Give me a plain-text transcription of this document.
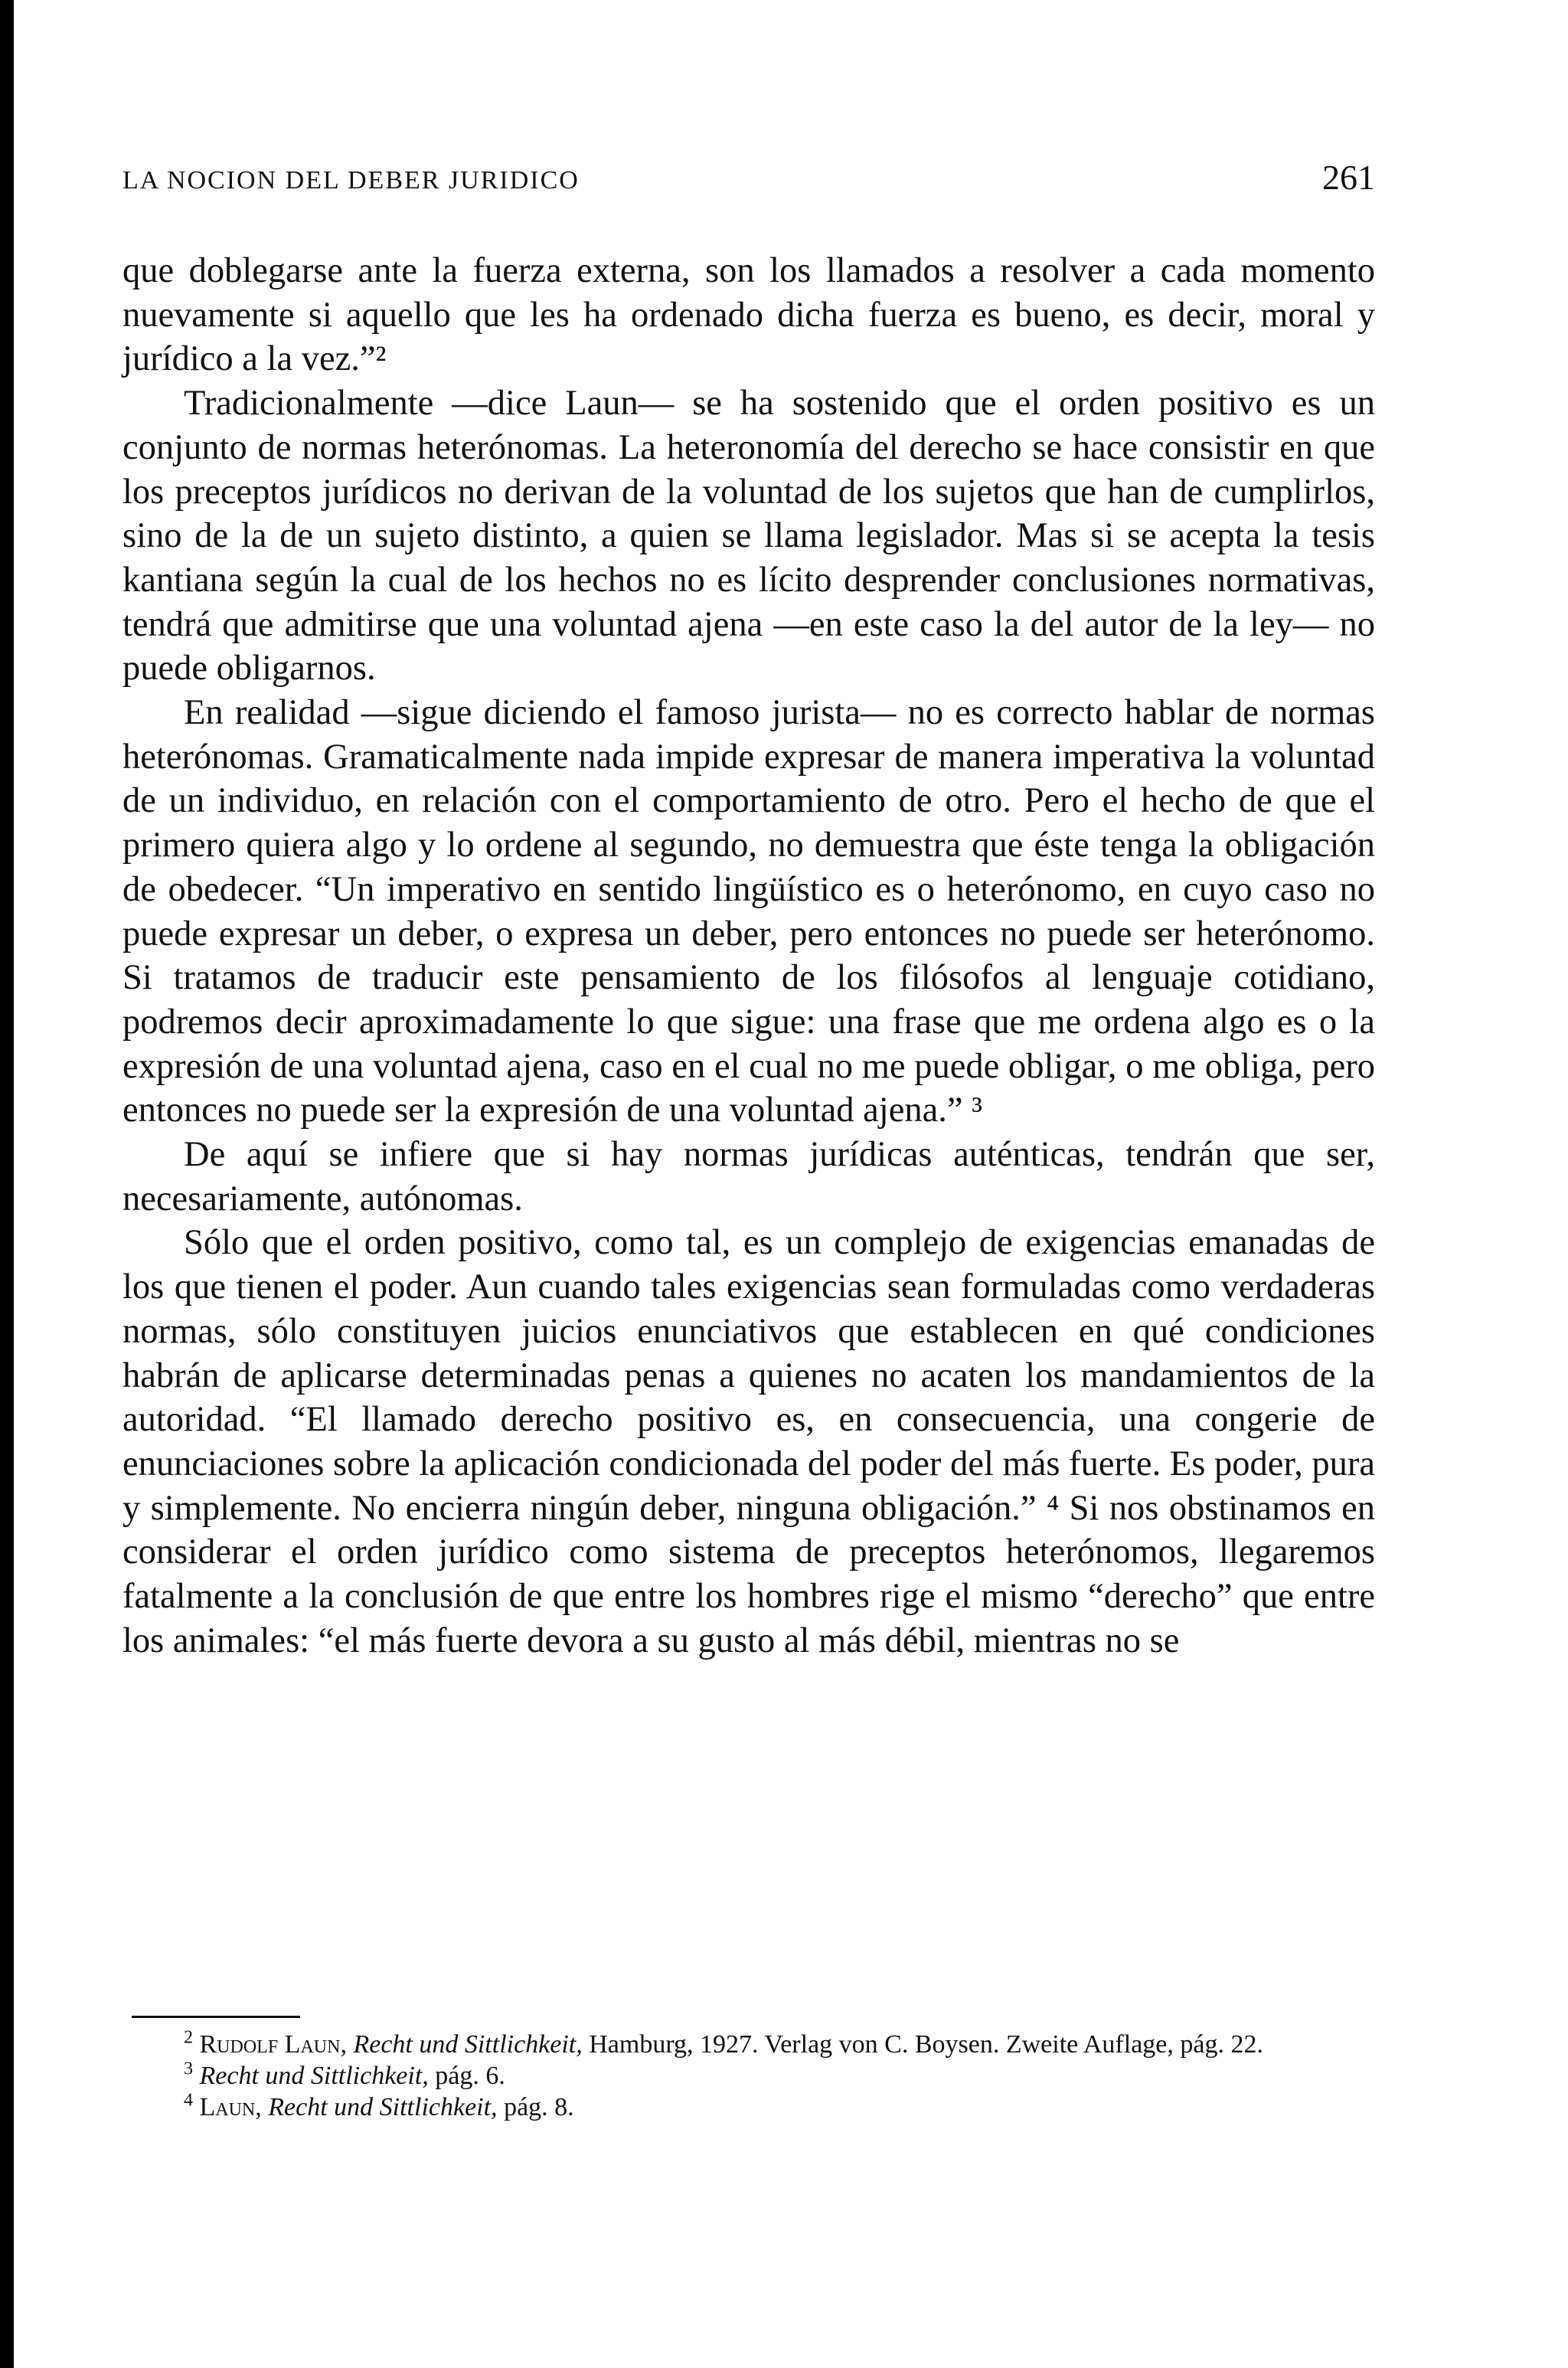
LA NOCION DEL DEBER JURIDICO	261

que doblegarse ante la fuerza externa, son los llamados a resolver a cada momento nuevamente si aquello que les ha ordenado dicha fuerza es bueno, es decir, moral y jurídico a la vez.”²

Tradicionalmente —dice Laun— se ha sostenido que el orden positivo es un conjunto de normas heterónomas. La heteronomía del derecho se hace consistir en que los preceptos jurídicos no derivan de la voluntad de los sujetos que han de cumplirlos, sino de la de un sujeto distinto, a quien se llama legislador. Mas si se acepta la tesis kantiana según la cual de los hechos no es lícito desprender conclusiones normativas, tendrá que admitirse que una voluntad ajena —en este caso la del autor de la ley— no puede obligarnos.

En realidad —sigue diciendo el famoso jurista— no es correcto hablar de normas heterónomas. Gramaticalmente nada impide expresar de manera imperativa la voluntad de un individuo, en relación con el comportamiento de otro. Pero el hecho de que el primero quiera algo y lo ordene al segundo, no demuestra que éste tenga la obligación de obedecer. “Un imperativo en sentido lingüístico es o heterónomo, en cuyo caso no puede expresar un deber, o expresa un deber, pero entonces no puede ser heterónomo. Si tratamos de traducir este pensamiento de los filósofos al lenguaje cotidiano, podremos decir aproximadamente lo que sigue: una frase que me ordena algo es o la expresión de una voluntad ajena, caso en el cual no me puede obligar, o me obliga, pero entonces no puede ser la expresión de una voluntad ajena.” ³

De aquí se infiere que si hay normas jurídicas auténticas, tendrán que ser, necesariamente, autónomas.

Sólo que el orden positivo, como tal, es un complejo de exigencias emanadas de los que tienen el poder. Aun cuando tales exigencias sean formuladas como verdaderas normas, sólo constituyen juicios enunciativos que establecen en qué condiciones habrán de aplicarse determinadas penas a quienes no acaten los mandamientos de la autoridad. “El llamado derecho positivo es, en consecuencia, una congerie de enunciaciones sobre la aplicación condicionada del poder del más fuerte. Es poder, pura y simplemente. No encierra ningún deber, ninguna obligación.” ⁴ Si nos obstinamos en considerar el orden jurídico como sistema de preceptos heterónomos, llegaremos fatalmente a la conclusión de que entre los hombres rige el mismo “derecho” que entre los animales: “el más fuerte devora a su gusto al más débil, mientras no se

$^2$ Rudolf Laun, Recht und Sittlichkeit, Hamburg, 1927. Verlag von C. Boysen. Zweite Auflage, pág. 22.

$^3$ Recht und Sittlichkeit, pág. 6.

$^4$ Laun, Recht und Sittlichkeit, pág. 8.
